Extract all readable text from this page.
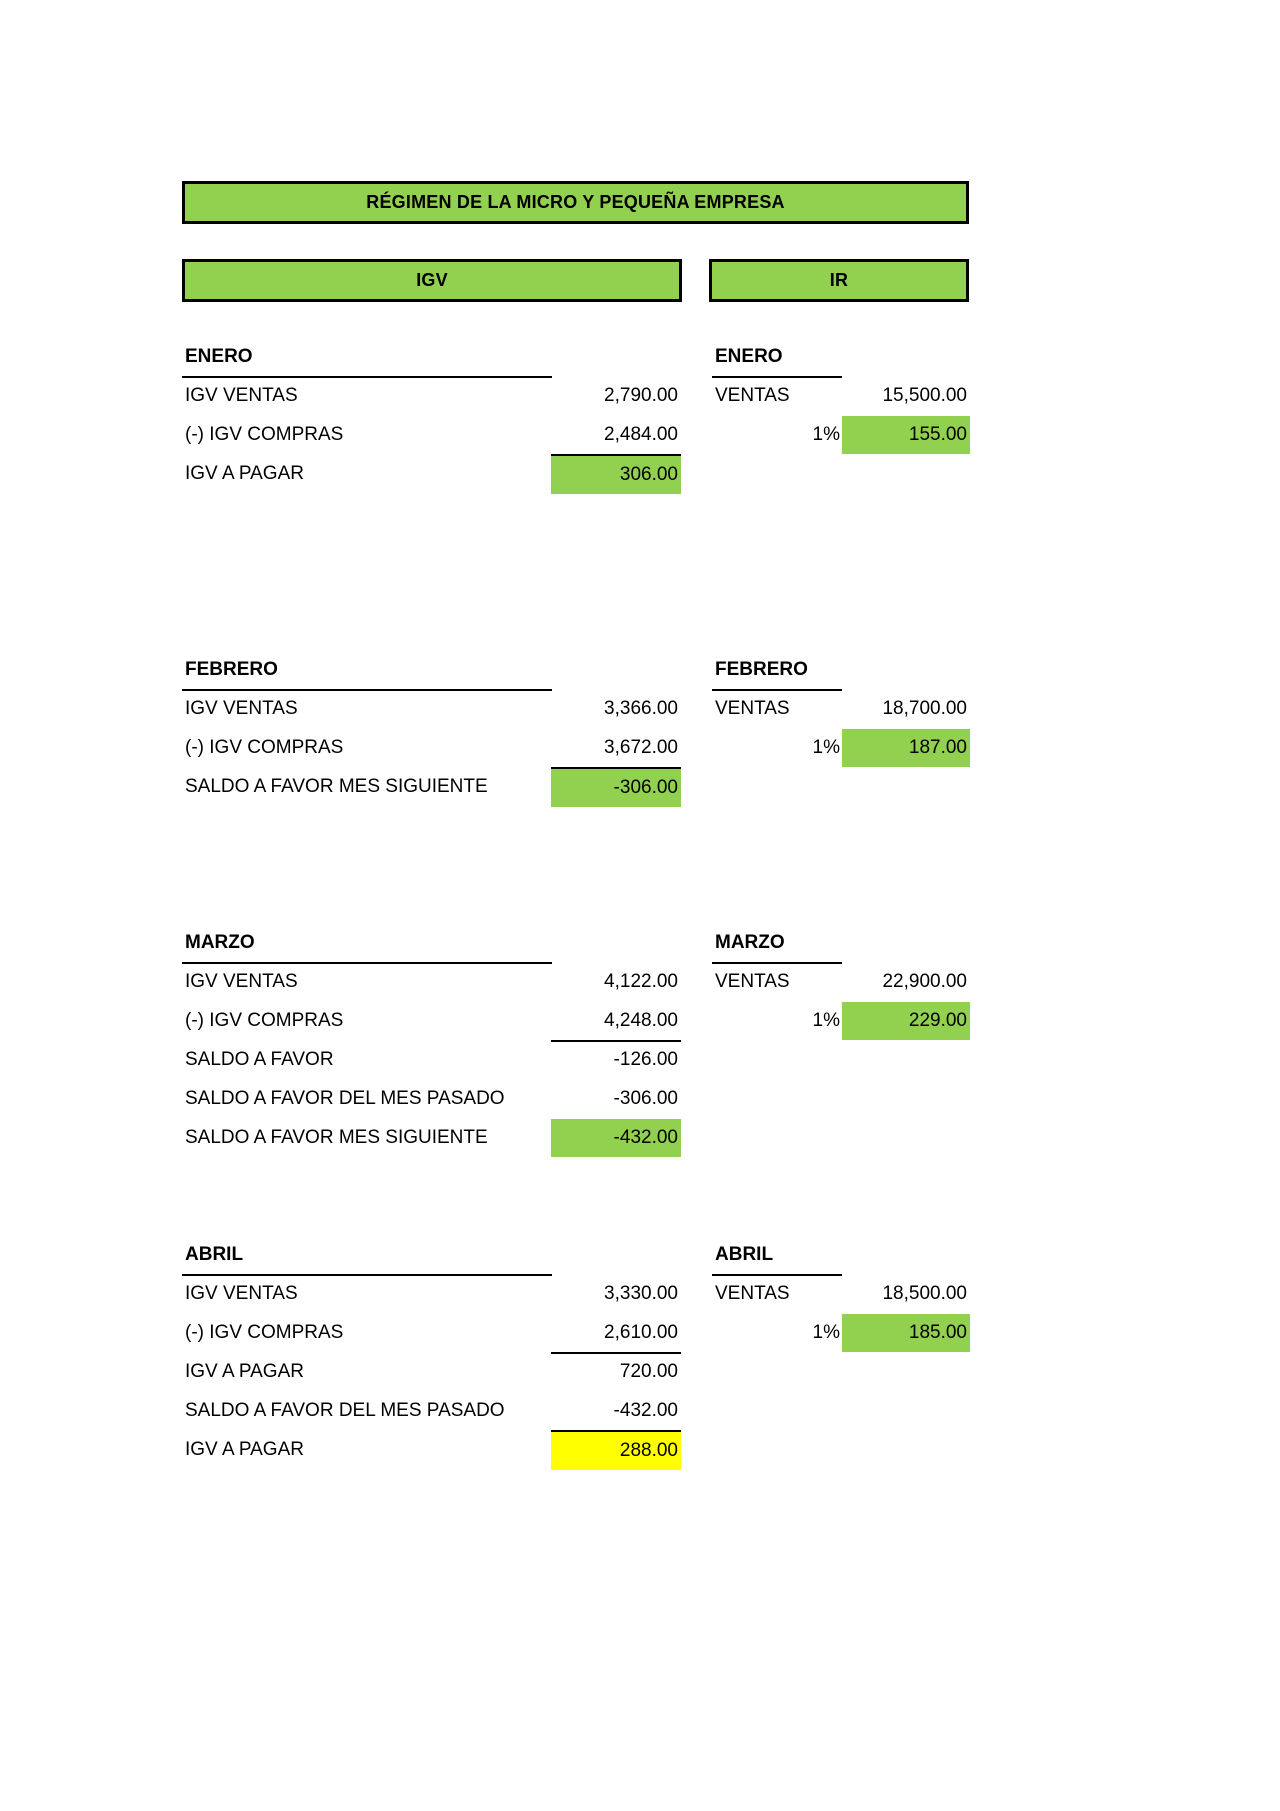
RÉGIMEN DE LA MICRO Y PEQUEÑA EMPRESA
IGV	IR
ENERO
IGV VENTAS	2,790.00
(-) IGV COMPRAS	2,484.00
IGV A PAGAR	306.00
ENERO
VENTAS	15,500.00
1%	155.00
FEBRERO
IGV VENTAS	3,366.00
(-) IGV COMPRAS	3,672.00
SALDO A FAVOR MES SIGUIENTE	-306.00
FEBRERO
VENTAS	18,700.00
1%	187.00
MARZO
IGV VENTAS	4,122.00
(-) IGV COMPRAS	4,248.00
SALDO A FAVOR	-126.00
SALDO A FAVOR DEL MES PASADO	-306.00
SALDO A FAVOR MES SIGUIENTE	-432.00
MARZO
VENTAS	22,900.00
1%	229.00
ABRIL
IGV VENTAS	3,330.00
(-) IGV COMPRAS	2,610.00
IGV A PAGAR	720.00
SALDO A FAVOR DEL MES PASADO	-432.00
IGV A PAGAR	288.00
ABRIL
VENTAS	18,500.00
1%	185.00
